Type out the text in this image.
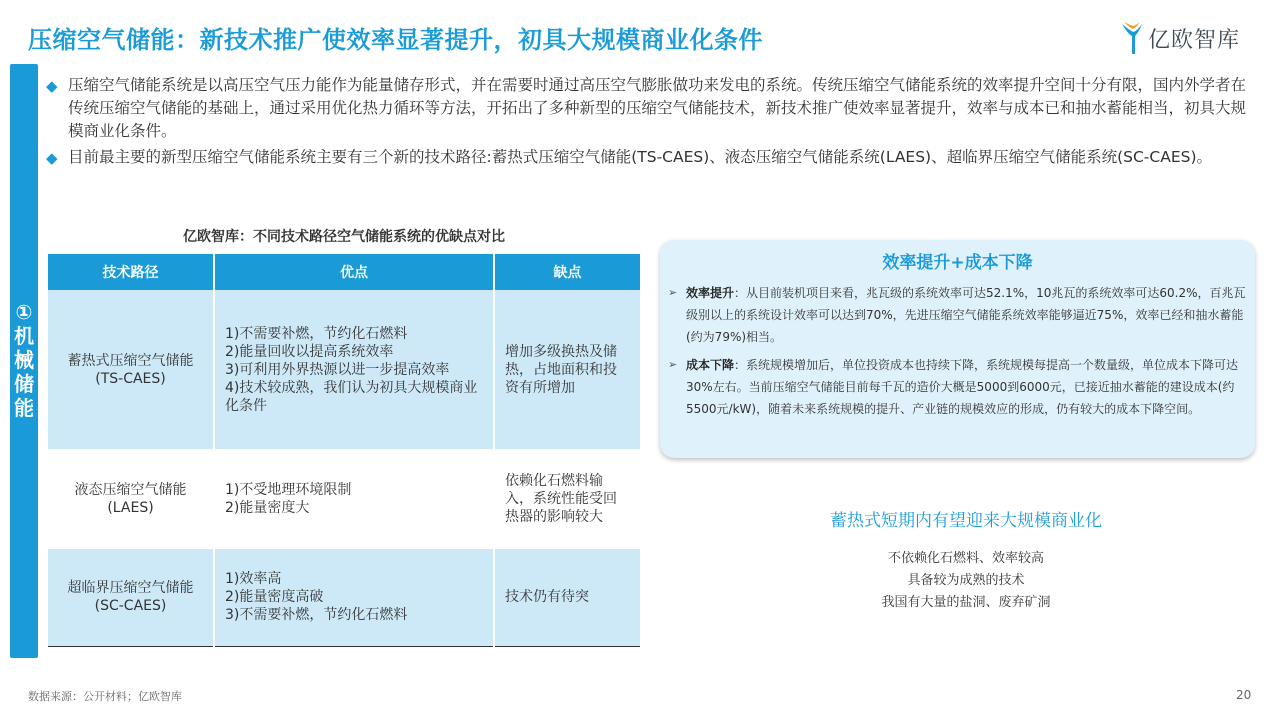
压缩空气储能：新技术推广使效率显著提升，初具大规模商业化条件	亿欧智库
①机械储能
◆ 压缩空气储能系统是以高压空气压力能作为能量储存形式，并在需要时通过高压空气膨胀做功来发电的系统。传统压缩空气储能系统的效率提升空间十分有限，国内外学者在传统压缩空气储能的基础上，通过采用优化热力循环等方法，开拓出了多种新型的压缩空气储能技术，新技术推广使效率显著提升，效率与成本已和抽水蓄能相当，初具大规模商业化条件。
◆ 目前最主要的新型压缩空气储能系统主要有三个新的技术路径:蓄热式压缩空气储能(TS-CAES)、液态压缩空气储能系统(LAES)、超临界压缩空气储能系统(SC-CAES)。
亿欧智库：不同技术路径空气储能系统的优缺点对比
技术路径	优点	缺点

蓄热式压缩空气储能
(TS-CAES)	1)不需要补燃，节约化石燃料
2)能量回收以提高系统效率
3)可利用外界热源以进一步提高效率
4)技术较成熟，我们认为初具大规模商业化条件	增加多级换热及储热，占地面积和投资有所增加

液态压缩空气储能
(LAES)	1)不受地理环境限制
2)能量密度大	依赖化石燃料输入，系统性能受回热器的影响较大

超临界压缩空气储能
(SC-CAES)	1)效率高
2)能量密度高破
3)不需要补燃，节约化石燃料	技术仍有待突
效率提升+成本下降
➢ 效率提升：从目前装机项目来看，兆瓦级的系统效率可达52.1%，10兆瓦的系统效率可达60.2%，百兆瓦级别以上的系统设计效率可以达到70%，先进压缩空气储能系统效率能够逼近75%，效率已经和抽水蓄能(约为79%)相当。
➢ 成本下降：系统规模增加后，单位投资成本也持续下降，系统规模每提高一个数量级，单位成本下降可达30%左右。当前压缩空气储能目前每千瓦的造价大概是5000到6000元，已接近抽水蓄能的建设成本(约5500元/kW)，随着未来系统规模的提升、产业链的规模效应的形成，仍有较大的成本下降空间。
蓄热式短期内有望迎来大规模商业化
不依赖化石燃料、效率较高
具备较为成熟的技术
我国有大量的盐洞、废弃矿洞
数据来源：公开材料；亿欧智库	20
